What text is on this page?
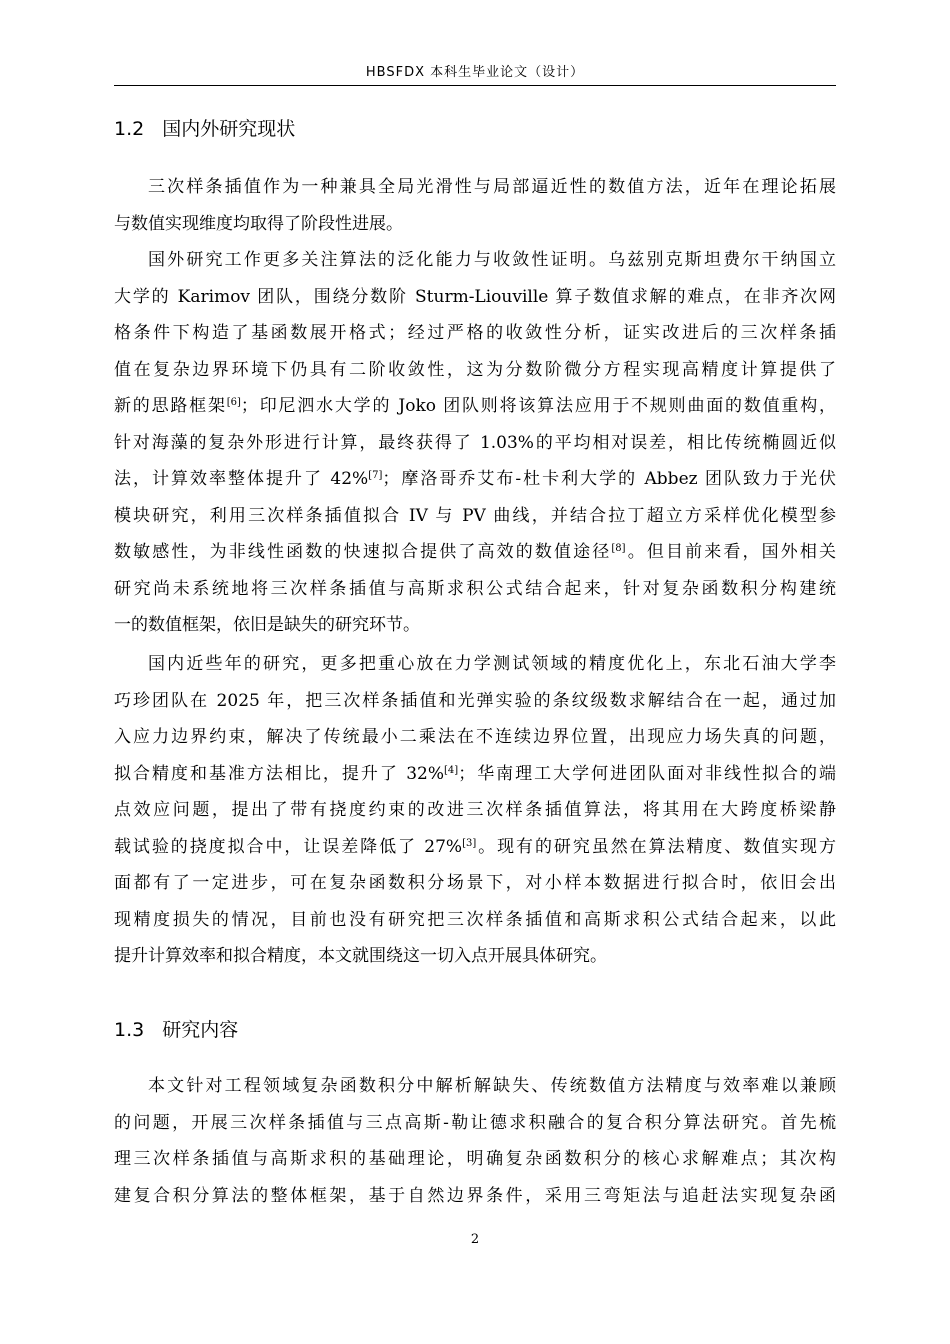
HBSFDX 本科生毕业论文（设计）
1.2 国内外研究现状
三次样条插值作为一种兼具全局光滑性与局部逼近性的数值方法，近年在理论拓展
与数值实现维度均取得了阶段性进展。
国外研究工作更多关注算法的泛化能力与收敛性证明。乌兹别克斯坦费尔干纳国立
大学的 Karimov 团队，围绕分数阶 Sturm-Liouville 算子数值求解的难点，在非齐次网
格条件下构造了基函数展开格式；经过严格的收敛性分析，证实改进后的三次样条插
值在复杂边界环境下仍具有二阶收敛性，这为分数阶微分方程实现高精度计算提供了
新的思路框架[6]；印尼泗水大学的 Joko 团队则将该算法应用于不规则曲面的数值重构，
针对海藻的复杂外形进行计算，最终获得了 1.03%的平均相对误差，相比传统椭圆近似
法，计算效率整体提升了 42%[7]；摩洛哥乔艾布-杜卡利大学的 Abbez 团队致力于光伏
模块研究，利用三次样条插值拟合 IV 与 PV 曲线，并结合拉丁超立方采样优化模型参
数敏感性，为非线性函数的快速拟合提供了高效的数值途径[8]。但目前来看，国外相关
研究尚未系统地将三次样条插值与高斯求积公式结合起来，针对复杂函数积分构建统
一的数值框架，依旧是缺失的研究环节。
国内近些年的研究，更多把重心放在力学测试领域的精度优化上，东北石油大学李
巧珍团队在 2025 年，把三次样条插值和光弹实验的条纹级数求解结合在一起，通过加
入应力边界约束，解决了传统最小二乘法在不连续边界位置，出现应力场失真的问题，
拟合精度和基准方法相比，提升了 32%[4]；华南理工大学何进团队面对非线性拟合的端
点效应问题，提出了带有挠度约束的改进三次样条插值算法，将其用在大跨度桥梁静
载试验的挠度拟合中，让误差降低了 27%[3]。现有的研究虽然在算法精度、数值实现方
面都有了一定进步，可在复杂函数积分场景下，对小样本数据进行拟合时，依旧会出
现精度损失的情况，目前也没有研究把三次样条插值和高斯求积公式结合起来，以此
提升计算效率和拟合精度，本文就围绕这一切入点开展具体研究。
1.3 研究内容
本文针对工程领域复杂函数积分中解析解缺失、传统数值方法精度与效率难以兼顾
的问题，开展三次样条插值与三点高斯-勒让德求积融合的复合积分算法研究。首先梳
理三次样条插值与高斯求积的基础理论，明确复杂函数积分的核心求解难点；其次构
建复合积分算法的整体框架，基于自然边界条件，采用三弯矩法与追赶法实现复杂函
2
